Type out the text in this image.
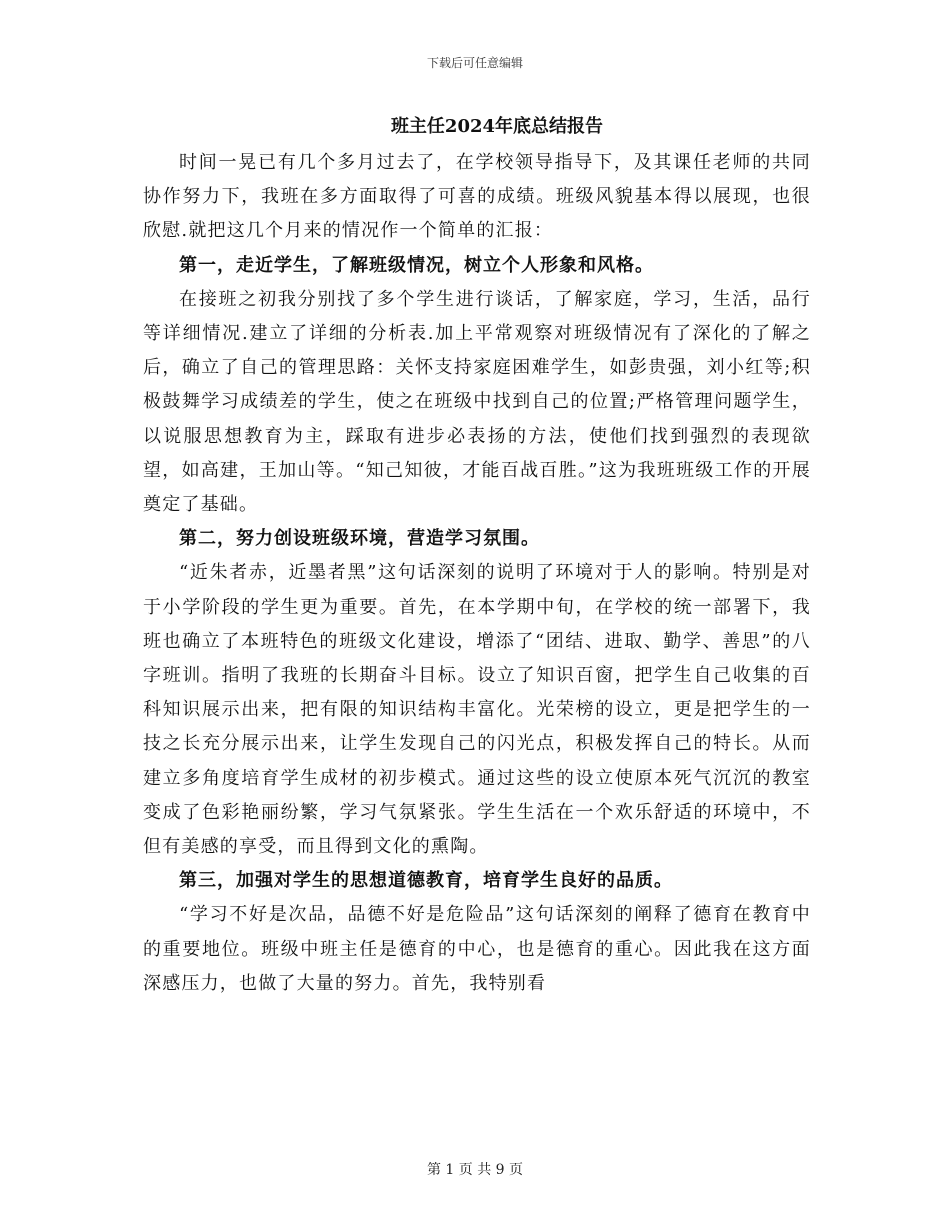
下载后可任意编辑
班主任2024年底总结报告

时间一晃已有几个多月过去了，在学校领导指导下，及其课任老师的共同协作努力下，我班在多方面取得了可喜的成绩。班级风貌基本得以展现，也很欣慰.就把这几个月来的情况作一个简单的汇报：

第一，走近学生，了解班级情况，树立个人形象和风格。

在接班之初我分别找了多个学生进行谈话，了解家庭，学习，生活，品行等详细情况.建立了详细的分析表.加上平常观察对班级情况有了深化的了解之后，确立了自己的管理思路：关怀支持家庭困难学生，如彭贵强，刘小红等;积极鼓舞学习成绩差的学生，使之在班级中找到自己的位置;严格管理问题学生，以说服思想教育为主，踩取有进步必表扬的方法，使他们找到强烈的表现欲望，如高建，王加山等。“知己知彼，才能百战百胜。”这为我班班级工作的开展奠定了基础。

第二，努力创设班级环境，营造学习氛围。

“近朱者赤，近墨者黑”这句话深刻的说明了环境对于人的影响。特别是对于小学阶段的学生更为重要。首先，在本学期中旬，在学校的统一部署下，我班也确立了本班特色的班级文化建设，增添了“团结、进取、勤学、善思”的八字班训。指明了我班的长期奋斗目标。设立了知识百窗，把学生自己收集的百科知识展示出来，把有限的知识结构丰富化。光荣榜的设立，更是把学生的一技之长充分展示出来，让学生发现自己的闪光点，积极发挥自己的特长。从而建立多角度培育学生成材的初步模式。通过这些的设立使原本死气沉沉的教室变成了色彩艳丽纷繁，学习气氛紧张。学生生活在一个欢乐舒适的环境中，不但有美感的享受，而且得到文化的熏陶。

第三，加强对学生的思想道德教育，培育学生良好的品质。

“学习不好是次品，品德不好是危险品”这句话深刻的阐释了德育在教育中的重要地位。班级中班主任是德育的中心，也是德育的重心。因此我在这方面深感压力，也做了大量的努力。首先，我特别看

第 1 页 共 9 页
